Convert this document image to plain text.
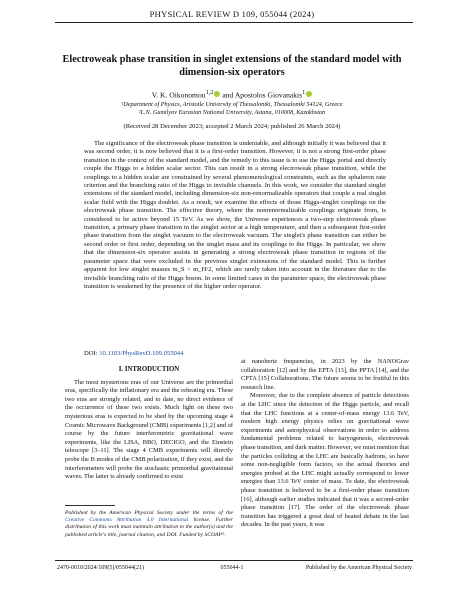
PHYSICAL REVIEW D 109, 055044 (2024)
Electroweak phase transition in singlet extensions of the standard model with dimension-six operators
V. K. Oikonomou$^{1,2}$ and Apostolos Giovanakis$^1$
¹Department of Physics, Aristotle University of Thessaloniki, Thessaloniki 54124, Greece
²L.N. Gumilyov Eurasian National University, Astana, 010008, Kazakhstan
(Received 28 December 2023; accepted 2 March 2024; published 26 March 2024)

The significance of the electroweak phase transition is undeniable, and although initially it was believed that it was second order, it is now believed that it is a first-order transition. However, it is not a strong first-order phase transition in the context of the standard model, and the remedy to this issue is to use the Higgs portal and directly couple the Higgs to a hidden scalar sector. This can result in a strong electroweak phase transition, while the couplings to a hidden scalar are constrained by several phenomenological constraints, such as the sphaleron rate criterion and the branching ratio of the Higgs to invisible channels. In this work, we consider the standard singlet extensions of the standard model, including dimension-six non-renormalizable operators that couple a real singlet scalar field with the Higgs doublet. As a result, we examine the effects of those Higgs-singlet couplings on the electroweak phase transition. The effective theory, where the nonrenormalizable couplings originate from, is considered to be active beyond 15 TeV. As we show, the Universe experiences a two-step electroweak phase transition, a primary phase transition in the singlet sector at a high temperature, and then a subsequent first-order phase transition from the singlet vacuum to the electroweak vacuum. The singlet's phase transition can either be second order or first order, depending on the singlet mass and its couplings to the Higgs. In particular, we show that the dimension-six operator assists in generating a strong electroweak phase transition in regions of the parameter space that were excluded in the previous singlet extensions of the standard model. This is further apparent for low singlet masses m_S < m_H/2, which are rarely taken into account in the literature due to the invisible branching ratio of the Higgs boson. In some limited cases in the parameter space, the electroweak phase transition is weakened by the presence of the higher order operator.

DOI: 10.1103/PhysRevD.109.055044
I. INTRODUCTION

The most mysterious eras of our Universe are the primordial eras, specifically the inflationary era and the reheating era. These two eras are strongly related, and to date, no direct evidence of the occurrence of these two exists. Much light on these two mysterious eras is expected to be shed by the upcoming stage 4 Cosmic Microwave Background (CMB) experiments [1,2] and of course by the future interferometric gravitational wave experiments, like the LISA, BBO, DECIGO, and the Einstein telescope [3–11]. The stage 4 CMB experiments will directly probe the B modes of the CMB polarization, if they exist, and the interferometers will probe the stochastic primordial gravitational waves. The latter is already confirmed to exist

at nanohertz frequencies, in 2023 by the NANOGrav collaboration [12] and by the EPTA [13], the PPTA [14], and the CPTA [15] Collaborations. The future seems to be fruitful in this research line.

Moreover, due to the complete absence of particle detections at the LHC since the detection of the Higgs particle, and recall that the LHC functions at a center-of-mass energy 13.6 TeV, modern high energy physics relies on gravitational wave experiments and astrophysical observations in order to address fundamental problems related to baryogenesis, electroweak phase transition, and dark matter. However, we must mention that the particles colliding at the LHC are basically hadrons, so have some non-negligible form factors, so the actual theories and energies probed at the LHC might actually correspond to lower energies than 13.6 TeV center of mass. To date, the electroweak phase transition is believed to be a first-order phase transition [16], although earlier studies indicated that it was a second-order phase transition [17]. The order of the electroweak phase transition has triggered a great deal of heated debate in the last decades. In the past years, it was

Published by the American Physical Society under the terms of the Creative Commons Attribution 4.0 International license. Further distribution of this work must maintain attribution to the author(s) and the published article's title, journal citation, and DOI. Funded by SCOAP³.
2470-0010/2024/109(5)/055044(21)	055044-1	Published by the American Physical Society
